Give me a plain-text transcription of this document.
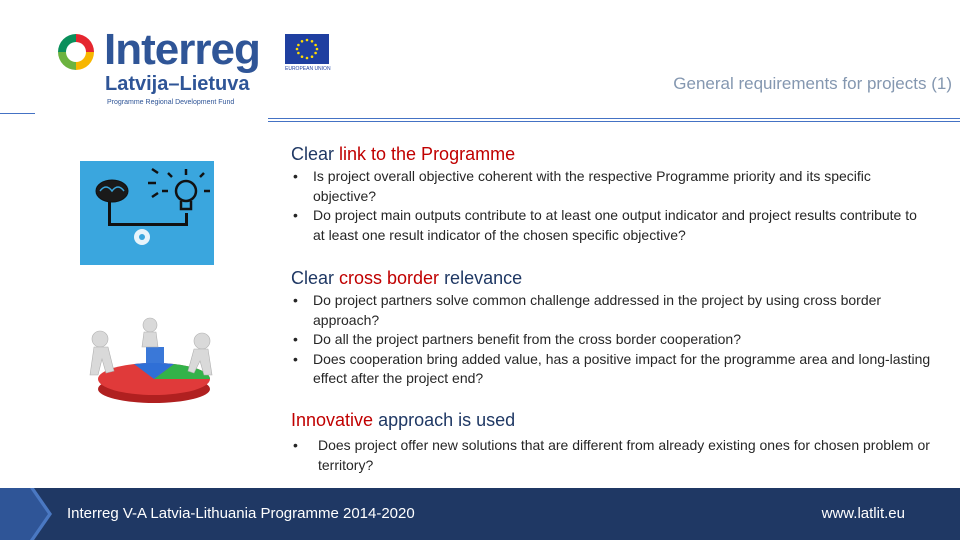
Interreg
Latvija–Lietuva
Programme Regional Development Fund
EUROPEAN UNION
General requirements for projects (1)
Clear link to the Programme
• Is project overall objective coherent with the respective Programme priority and its specific objective?
• Do project main outputs contribute to at least one output indicator and project results contribute to at least one result indicator of the chosen specific objective?
Clear cross border relevance
• Do project partners solve common challenge addressed in the project by using cross border approach?
• Do all the project partners benefit from the cross border cooperation?
• Does cooperation bring added value, has a positive impact for the programme area and long-lasting effect after the project end?
Innovative approach is used
• Does project offer new solutions that are different from already existing ones for chosen problem or territory?
Interreg V-A Latvia-Lithuania Programme 2014-2020	www.latlit.eu
